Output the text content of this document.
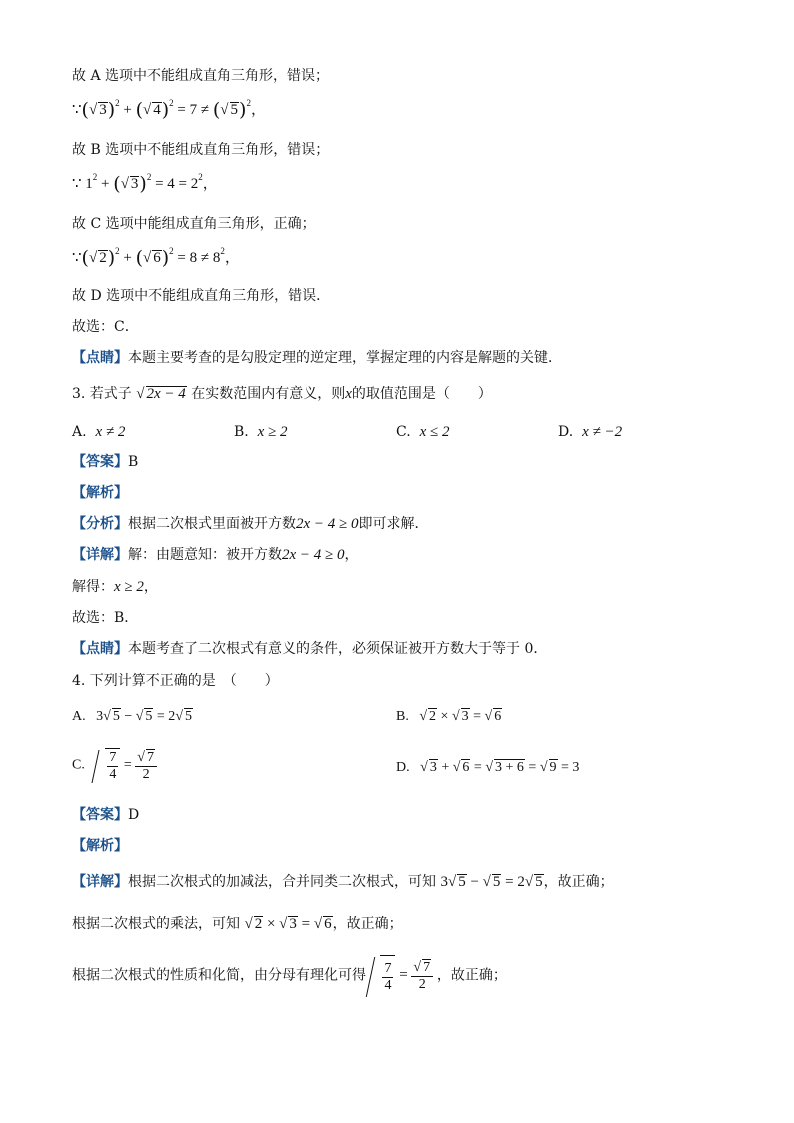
故 A 选项中不能组成直角三角形，错误；
∵(√ 3)$^2$ + (√ 4)$^2$ = 7 ≠ (√ 5)$^2$，
故 B 选项中不能组成直角三角形，错误；
∵ $1^2$ + (√ $3)^2 = 4 = 2^2$，
故 C 选项中能组成直角三角形，正确；
∵(√ 2)$^2$ + (√ $6)^2 = 8 \ne 8^2$，
故 D 选项中不能组成直角三角形，错误．
故选：C．
【点睛】本题主要考查的是勾股定理的逆定理，掌握定理的内容是解题的关键．
3. 若式子 √ 2x − 4 在实数范围内有意义，则x的取值范围是（　　）
A. x ≠ 2	B. x ≥ 2	C. x ≤ 2	D. x ≠ −2
【答案】B
【解析】
【分析】根据二次根式里面被开方数2x − 4 ≥ 0即可求解．
【详解】解：由题意知：被开方数2x − 4 ≥ 0，
解得：x ≥ 2，
故选：B．
【点睛】本题考查了二次根式有意义的条件，必须保证被开方数大于等于 0．
4. 下列计算不正确的是　（　　）
A. 3√ 5 − √ 5 = 2√ 5	B.   √ 2 × √ 3 = √ 6
C. $\frac{7}{4} = \frac{√ 7}{2}$	D.   √ 3 + √ 6 = √ 3 + 6 = √ 9 = 3
【答案】D
【解析】
【详解】根据二次根式的加减法，合并同类二次根式，可知 3√ 5 − √ 5 = 2√ 5，故正确；
根据二次根式的乘法，可知 √ 2 × √ 3 = √ 6，故正确；
根据二次根式的性质和化简，由分母有理化可得 $\frac{7}{4} = \frac{√ 7}{2}$ ，故正确；
